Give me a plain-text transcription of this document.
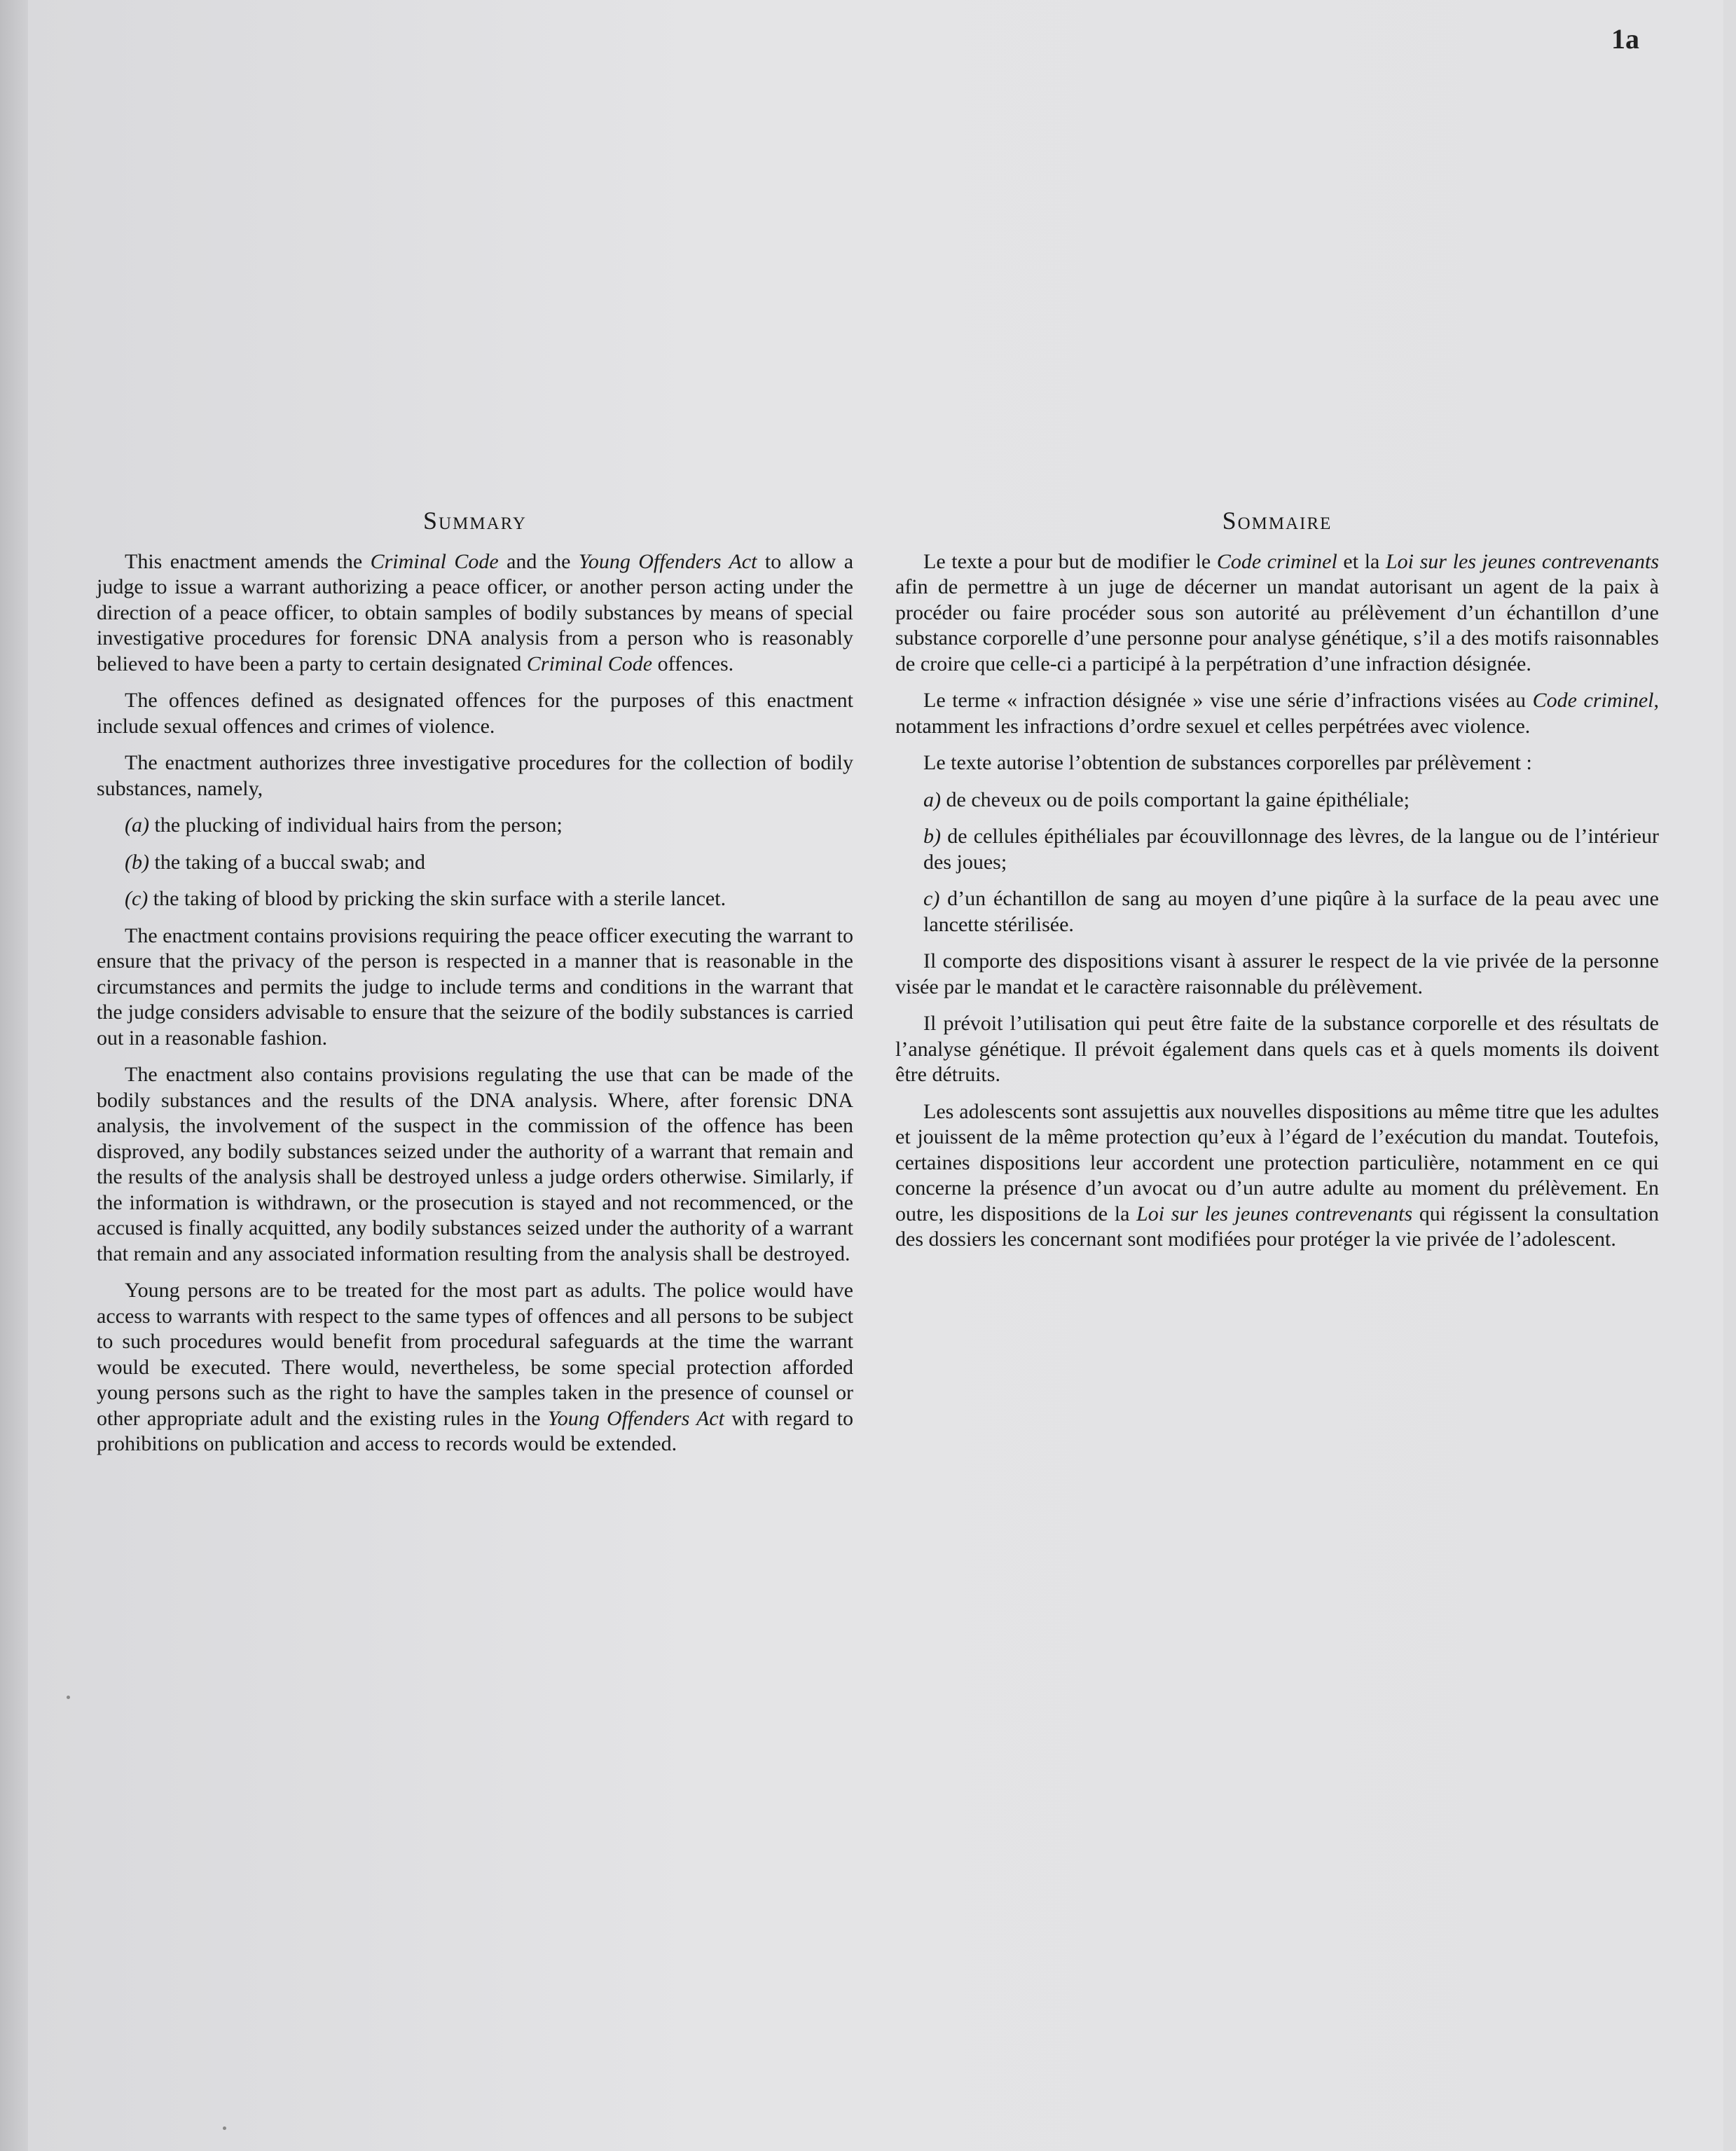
1a
Summary

This enactment amends the Criminal Code and the Young Offenders Act to allow a judge to issue a warrant authorizing a peace officer, or another person acting under the direction of a peace officer, to obtain samples of bodily substances by means of special investigative procedures for forensic DNA analysis from a person who is reasonably believed to have been a party to certain designated Criminal Code offences.

The offences defined as designated offences for the purposes of this enactment include sexual offences and crimes of violence.

The enactment authorizes three investigative procedures for the collection of bodily substances, namely,

(a) the plucking of individual hairs from the person;

(b) the taking of a buccal swab; and

(c) the taking of blood by pricking the skin surface with a sterile lancet.

The enactment contains provisions requiring the peace officer executing the warrant to ensure that the privacy of the person is respected in a manner that is reasonable in the circumstances and permits the judge to include terms and conditions in the warrant that the judge considers advisable to ensure that the seizure of the bodily substances is carried out in a reasonable fashion.

The enactment also contains provisions regulating the use that can be made of the bodily substances and the results of the DNA analysis. Where, after forensic DNA analysis, the involvement of the suspect in the commission of the offence has been disproved, any bodily substances seized under the authority of a warrant that remain and the results of the analysis shall be destroyed unless a judge orders otherwise. Similarly, if the information is withdrawn, or the prosecution is stayed and not recommenced, or the accused is finally acquitted, any bodily substances seized under the authority of a warrant that remain and any associated information resulting from the analysis shall be destroyed.

Young persons are to be treated for the most part as adults. The police would have access to warrants with respect to the same types of offences and all persons to be subject to such procedures would benefit from procedural safeguards at the time the warrant would be executed. There would, nevertheless, be some special protection afforded young persons such as the right to have the samples taken in the presence of counsel or other appropriate adult and the existing rules in the Young Offenders Act with regard to prohibitions on publication and access to records would be extended.

Sommaire

Le texte a pour but de modifier le Code criminel et la Loi sur les jeunes contrevenants afin de permettre à un juge de décerner un mandat autorisant un agent de la paix à procéder ou faire procéder sous son autorité au prélèvement d’un échantillon d’une substance corporelle d’une personne pour analyse génétique, s’il a des motifs raisonnables de croire que celle-ci a participé à la perpétration d’une infraction désignée.

Le terme « infraction désignée » vise une série d’infractions visées au Code criminel, notamment les infractions d’ordre sexuel et celles perpétrées avec violence.

Le texte autorise l’obtention de substances corporelles par prélèvement :

a) de cheveux ou de poils comportant la gaine épithéliale;

b) de cellules épithéliales par écouvillonnage des lèvres, de la langue ou de l’intérieur des joues;

c) d’un échantillon de sang au moyen d’une piqûre à la surface de la peau avec une lancette stérilisée.

Il comporte des dispositions visant à assurer le respect de la vie privée de la personne visée par le mandat et le caractère raisonnable du prélèvement.

Il prévoit l’utilisation qui peut être faite de la substance corporelle et des résultats de l’analyse génétique. Il prévoit également dans quels cas et à quels moments ils doivent être détruits.

Les adolescents sont assujettis aux nouvelles dispositions au même titre que les adultes et jouissent de la même protection qu’eux à l’égard de l’exécution du mandat. Toutefois, certaines dispositions leur accordent une protection particulière, notamment en ce qui concerne la présence d’un avocat ou d’un autre adulte au moment du prélèvement. En outre, les dispositions de la Loi sur les jeunes contrevenants qui régissent la consultation des dossiers les concernant sont modifiées pour protéger la vie privée de l’adolescent.
